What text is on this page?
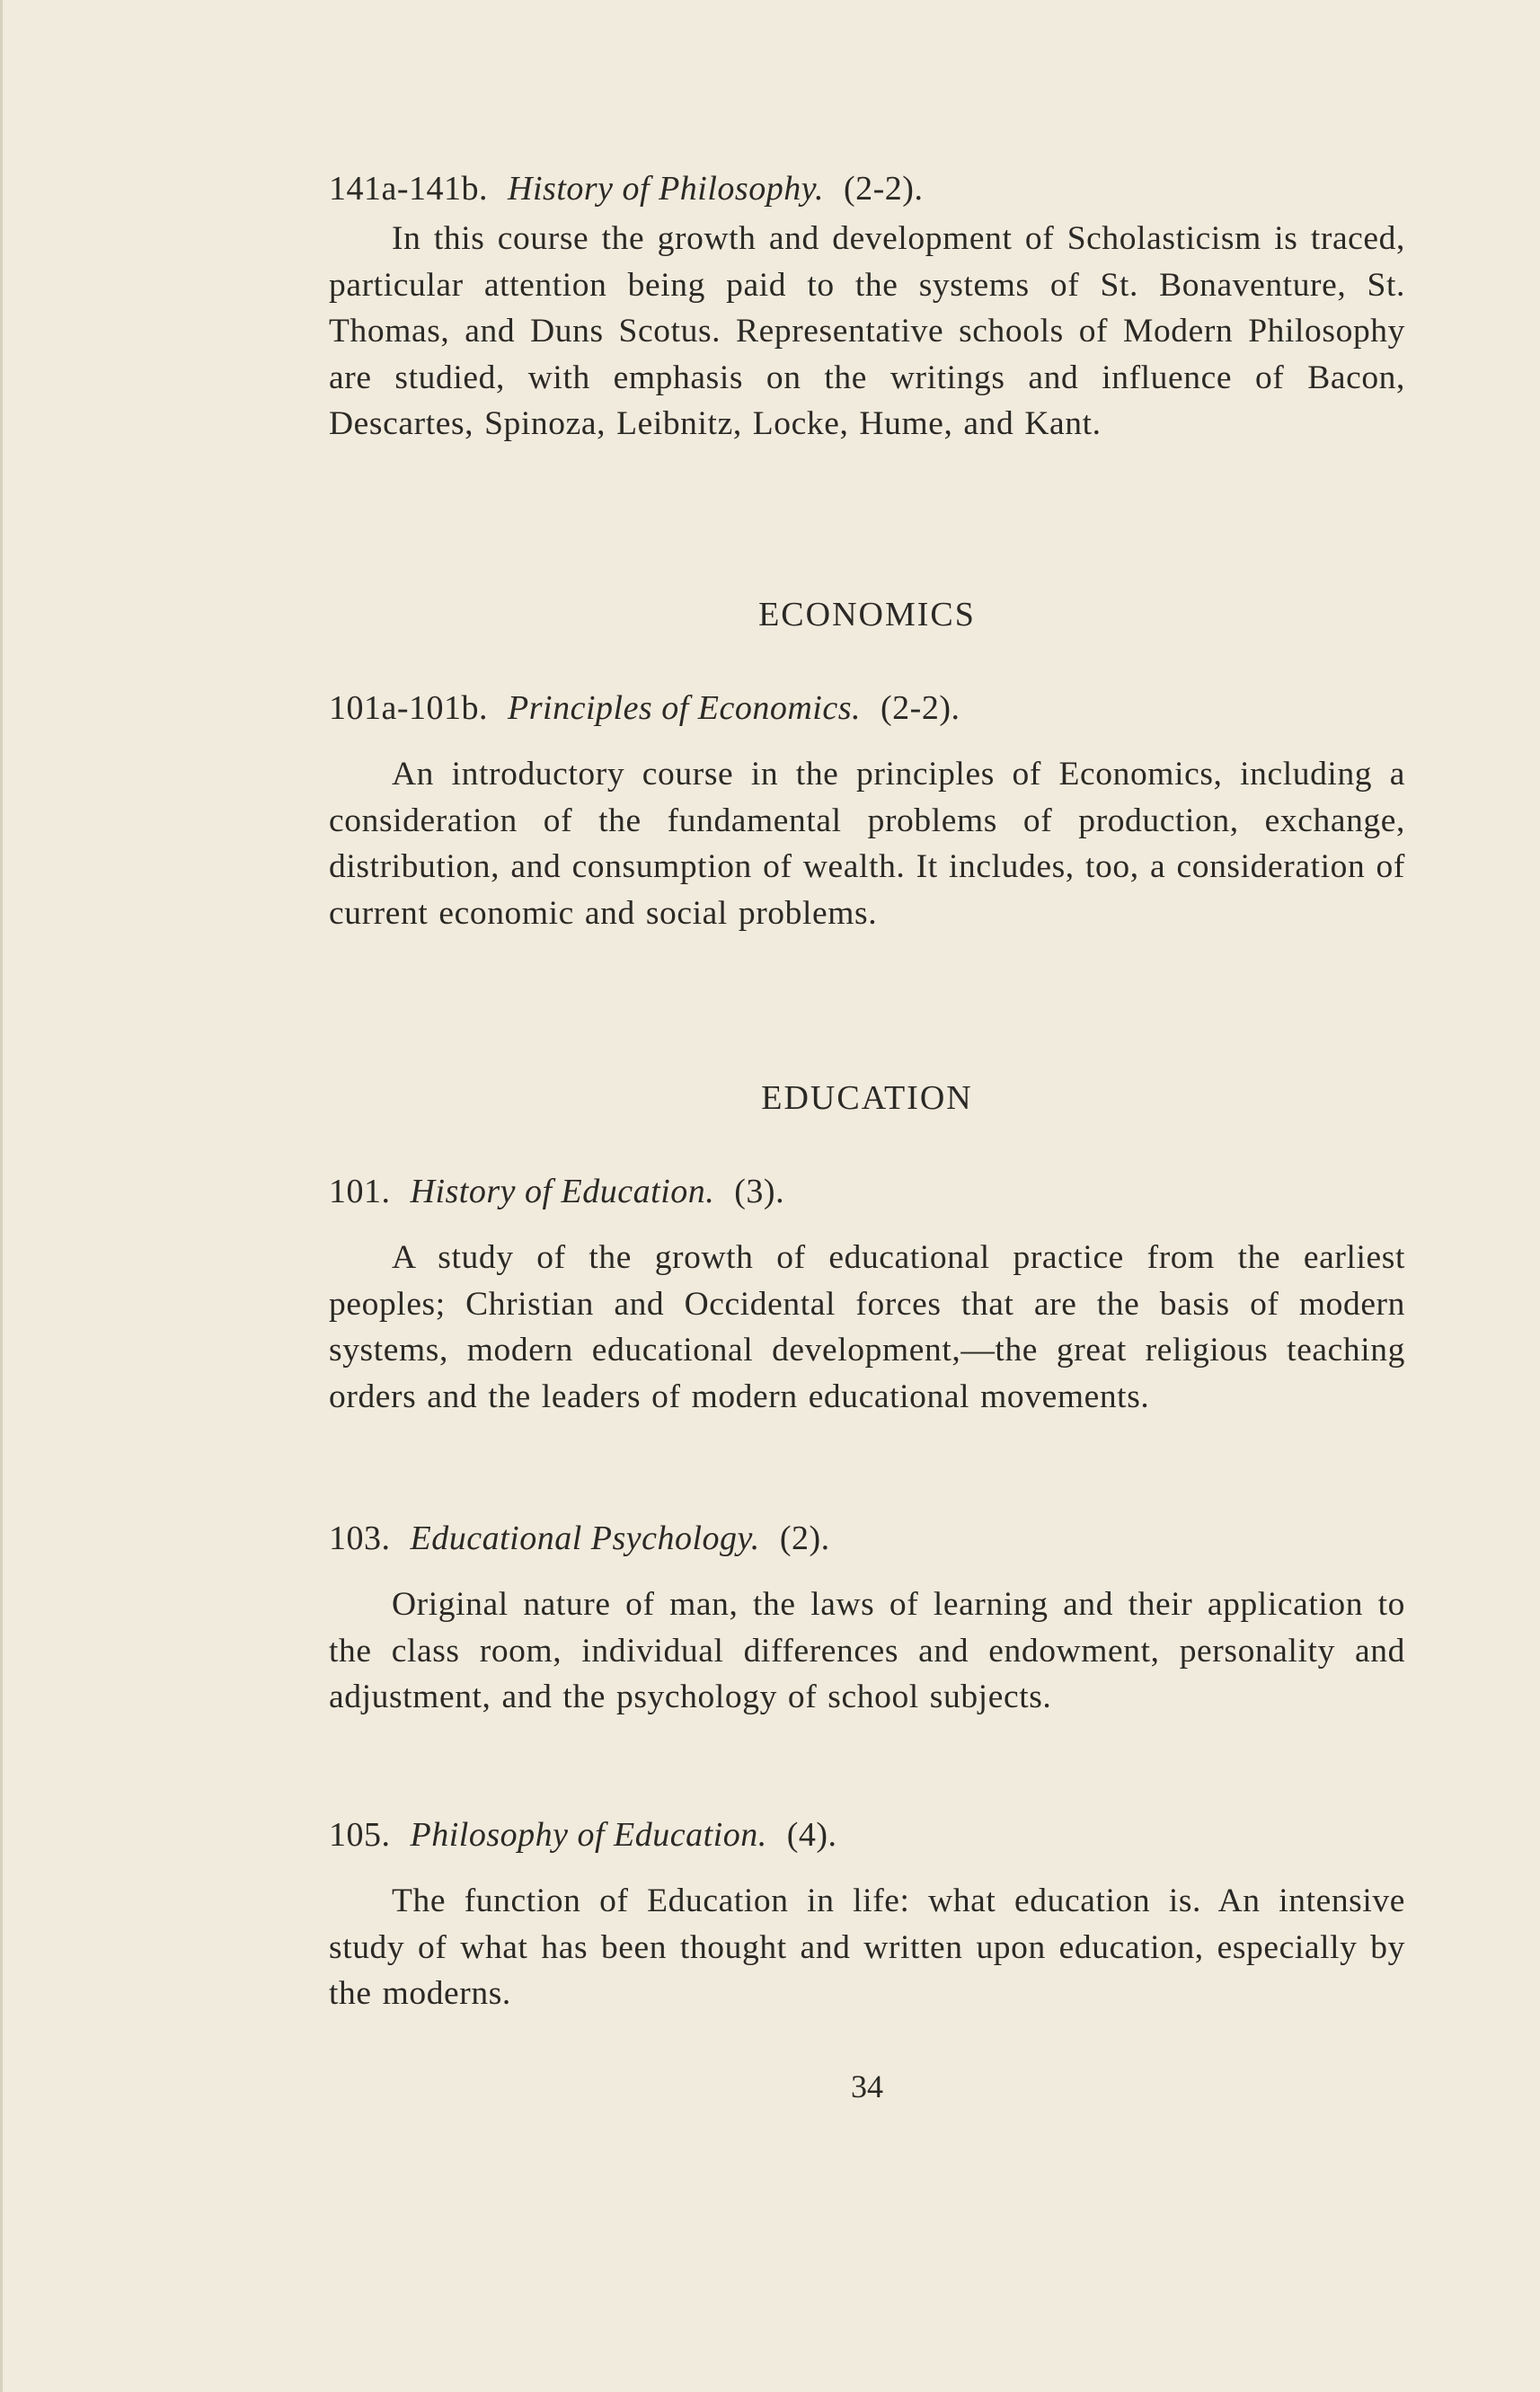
141a-141b. History of Philosophy. (2-2).

In this course the growth and development of Scholasticism is traced, particular attention being paid to the systems of St. Bonaventure, St. Thomas, and Duns Scotus. Representative schools of Modern Philosophy are studied, with emphasis on the writings and influence of Bacon, Descartes, Spinoza, Leibnitz, Locke, Hume, and Kant.

ECONOMICS
101a-101b. Principles of Economics. (2-2).

An introductory course in the principles of Economics, including a consideration of the fundamental problems of production, exchange, distribution, and consumption of wealth. It includes, too, a consideration of current economic and social problems.

EDUCATION
101. History of Education. (3).

A study of the growth of educational practice from the earliest peoples; Christian and Occidental forces that are the basis of modern systems, modern educational development,—the great religious teaching orders and the leaders of modern educational movements.

103. Educational Psychology. (2).

Original nature of man, the laws of learning and their application to the class room, individual differences and endowment, personality and adjustment, and the psychology of school subjects.

105. Philosophy of Education. (4).

The function of Education in life: what education is. An intensive study of what has been thought and written upon education, especially by the moderns.

34
